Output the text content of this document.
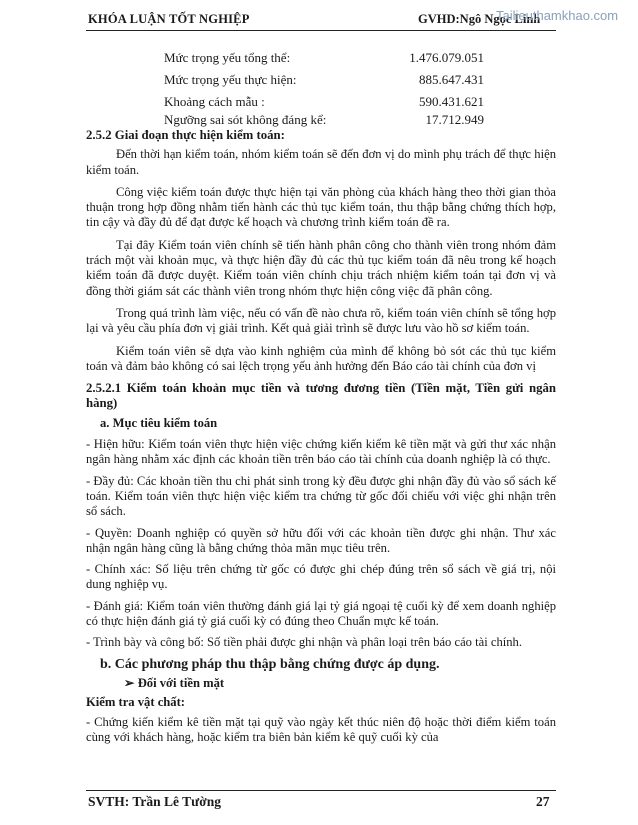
KHÓA LUẬN TỐT NGHIỆP	GVHD:Ngô Ngọc Linh
Tailieuthamkhao.com
Mức trọng yếu tổng thể:	1.476.079.051
Mức trọng yếu thực hiện:	885.647.431
Khoảng cách mẫu :	590.431.621
Ngưỡng sai sót không đáng kể:	17.712.949

2.5.2 Giai đoạn thực hiện kiểm toán:

Đến thời hạn kiểm toán, nhóm kiểm toán sẽ đến đơn vị do mình phụ trách để thực hiện kiểm toán.

Công việc kiểm toán được thực hiện tại văn phòng của khách hàng theo thời gian thỏa thuận trong hợp đồng nhằm tiến hành các thủ tục kiểm toán, thu thập bằng chứng thích hợp, tin cậy và đầy đủ để đạt được kế hoạch và chương trình kiểm toán đề ra.

Tại đây Kiểm toán viên chính sẽ tiến hành phân công cho thành viên trong nhóm đảm trách một vài khoản mục, và thực hiện đầy đủ các thủ tục kiểm toán đã nêu trong kế hoạch kiểm toán đã được duyệt. Kiểm toán viên chính chịu trách nhiệm kiểm toán tại đơn vị và đồng thời giám sát các thành viên trong nhóm thực hiện công việc đã phân công.

Trong quá trình làm việc, nếu có vấn đề nào chưa rõ, kiểm toán viên chính sẽ tổng hợp lại và yêu cầu phía đơn vị giải trình. Kết quả giải trình sẽ được lưu vào hồ sơ kiểm toán.

Kiểm toán viên sẽ dựa vào kinh nghiệm của mình để không bỏ sót các thủ tục kiểm toán và đảm bảo không có sai lệch trọng yếu ảnh hưởng đến Báo cáo tài chính của đơn vị

2.5.2.1 Kiểm toán khoản mục tiền và tương đương tiền (Tiền mặt, Tiền gửi ngân hàng)

a. Mục tiêu kiểm toán

- Hiện hữu: Kiểm toán viên thực hiện việc chứng kiến kiểm kê tiền mặt và gửi thư xác nhận ngân hàng nhằm xác định các khoản tiền trên báo cáo tài chính của doanh nghiệp là có thực.

- Đầy đủ: Các khoản tiền thu chi phát sinh trong kỳ đều được ghi nhận đầy đủ vào sổ sách kế toán. Kiểm toán viên thực hiện việc kiểm tra chứng từ gốc đối chiếu với việc ghi nhận trên sổ sách.

- Quyền: Doanh nghiệp có quyền sở hữu đối với các khoản tiền được ghi nhận. Thư xác nhận ngân hàng cũng là bằng chứng thỏa mãn mục tiêu trên.

- Chính xác: Số liệu trên chứng từ gốc có được ghi chép đúng trên sổ sách về giá trị, nội dung nghiệp vụ.

- Đánh giá: Kiểm toán viên thường đánh giá lại tỷ giá ngoại tệ cuối kỳ để xem doanh nghiệp có thực hiện đánh giá tỷ giá cuối kỳ có đúng theo Chuẩn mực kế toán.

- Trình bày và công bố: Số tiền phải được ghi nhận và phân loại trên báo cáo tài chính.

b. Các phương pháp thu thập bằng chứng được áp dụng.

➢ Đối với tiền mặt

Kiểm tra vật chất:

- Chứng kiến kiểm kê tiền mặt tại quỹ vào ngày kết thúc niên độ hoặc thời điểm kiểm toán cùng với khách hàng, hoặc kiểm tra biên bản kiểm kê quỹ cuối kỳ của

SVTH: Trần Lê Tường	27
